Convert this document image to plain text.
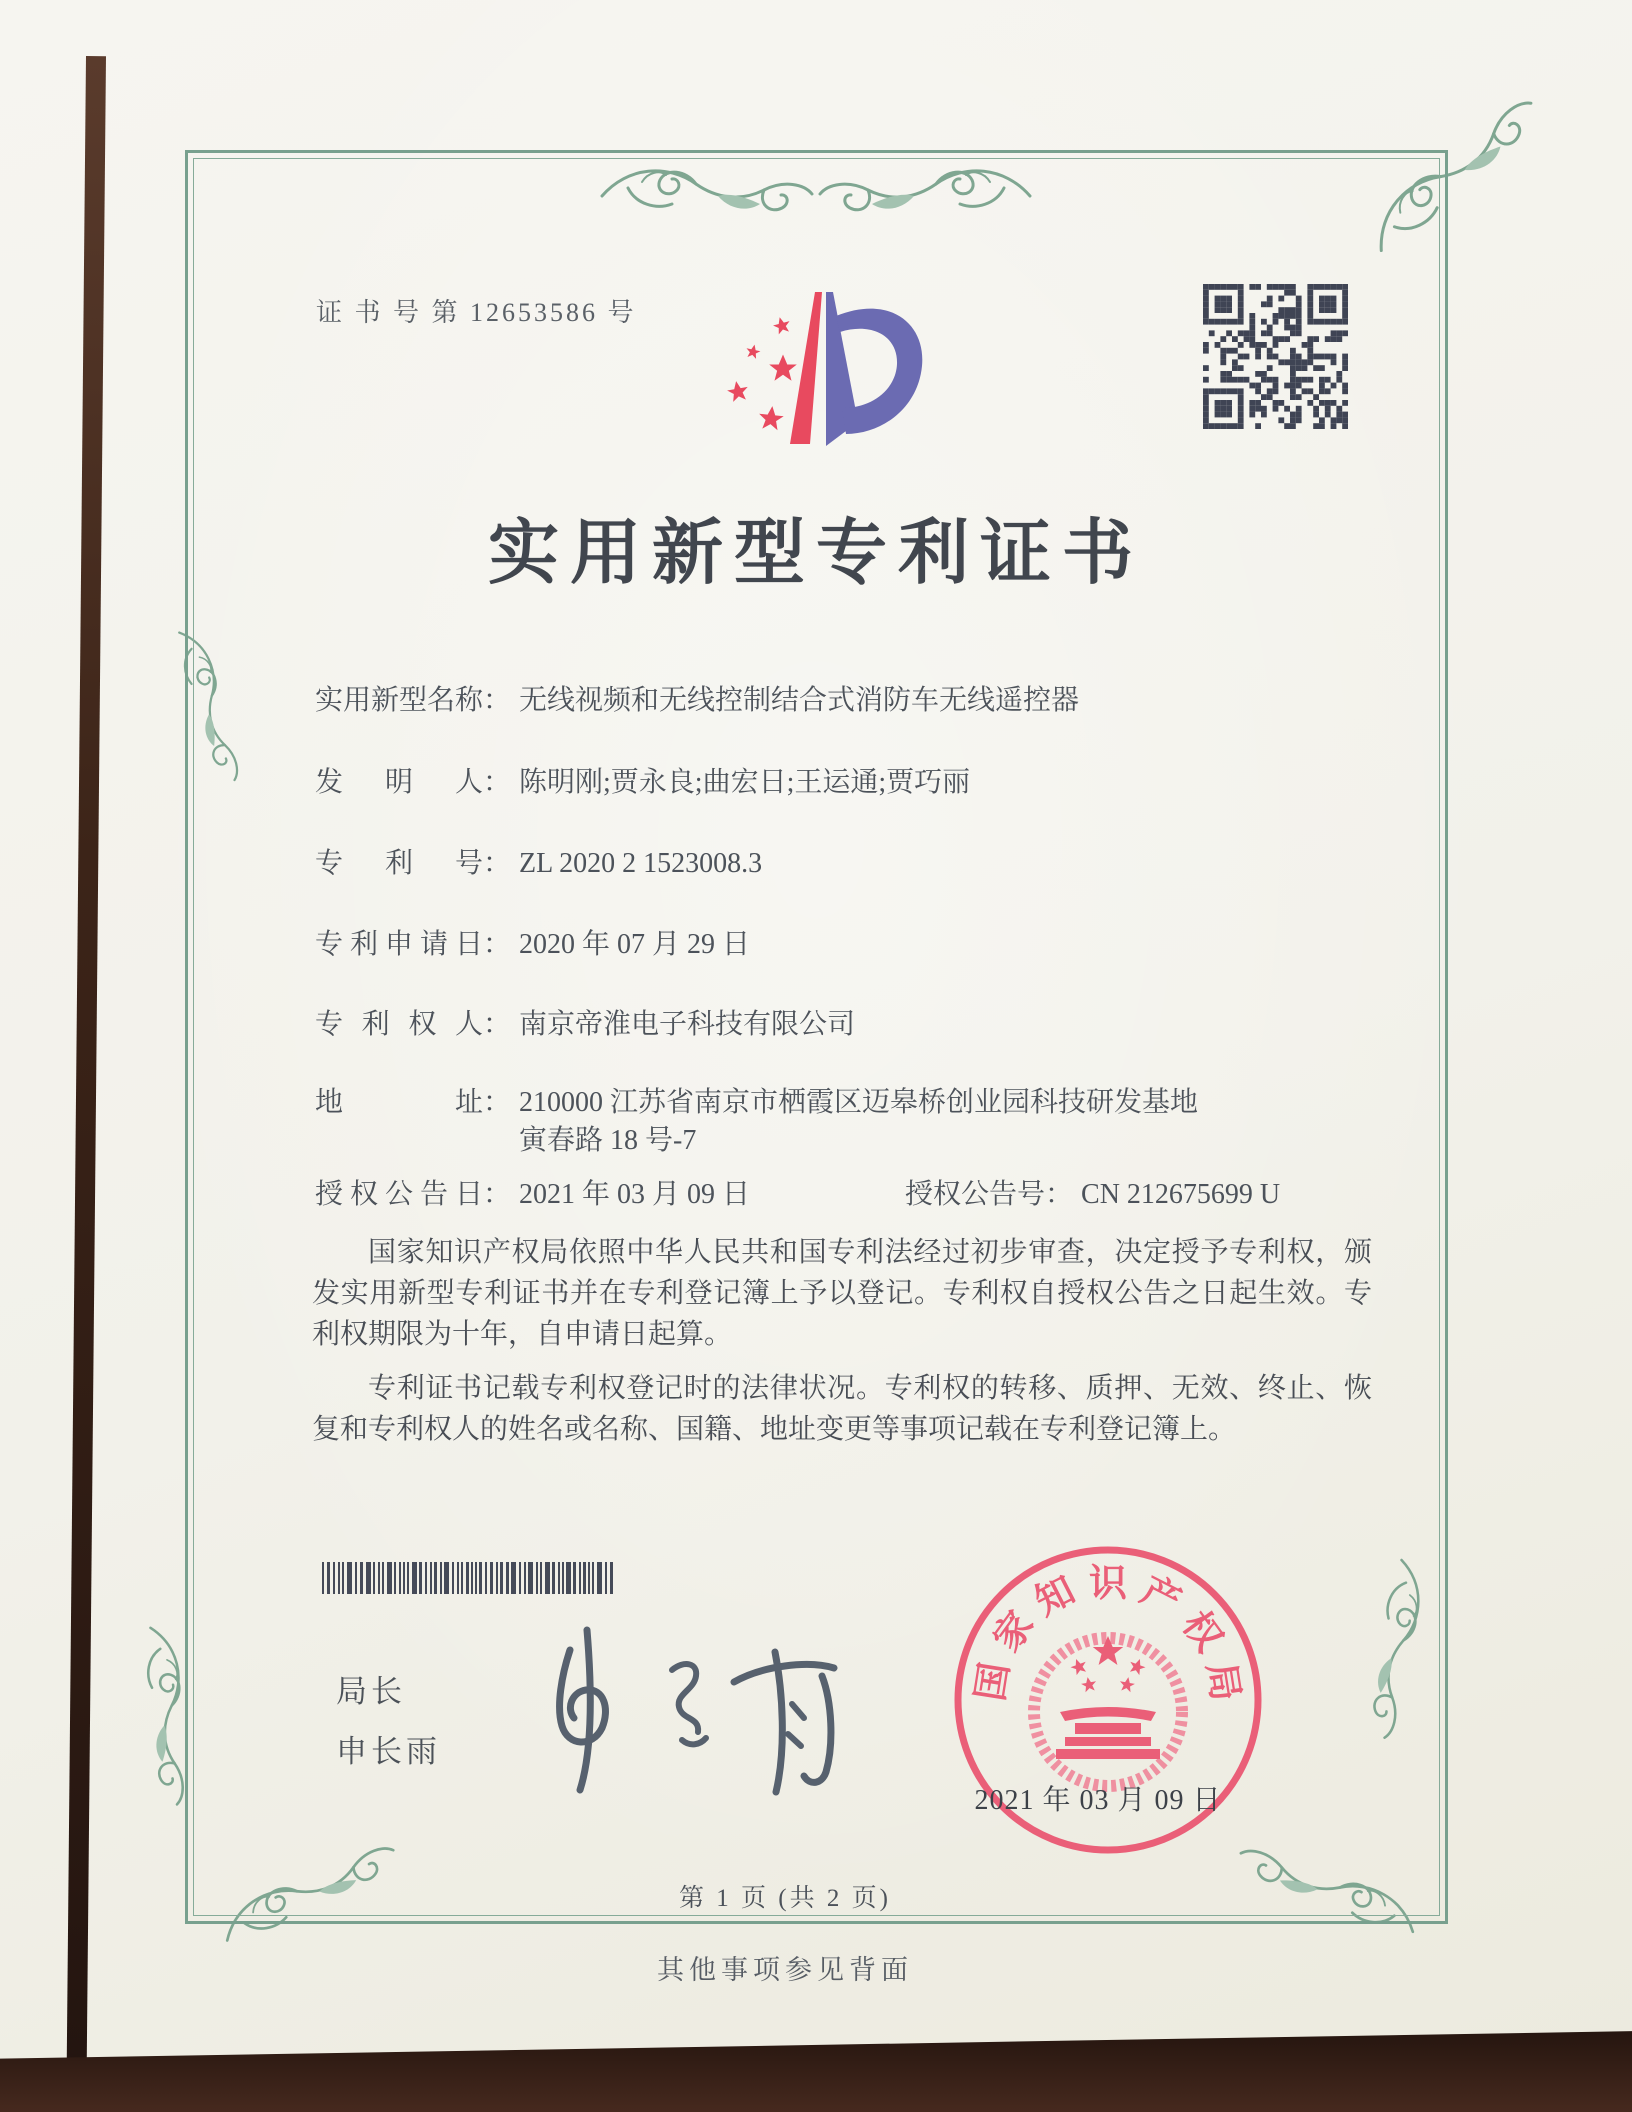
证 书 号 第 12653586 号
实用新型专利证书
实用新型名称： 无线视频和无线控制结合式消防车无线遥控器
发明人： 陈明刚;贾永良;曲宏日;王运通;贾巧丽
专利号： ZL 2020 2 1523008.3
专利申请日： 2020 年 07 月 29 日
专利权人： 南京帝淮电子科技有限公司
地址： 210000 江苏省南京市栖霞区迈皋桥创业园科技研发基地
寅春路 18 号-7
授权公告日： 2021 年 03 月 09 日	授权公告号： CN 212675699 U

国家知识产权局依照中华人民共和国专利法经过初步审查，决定授予专利权，颁发实用新型专利证书并在专利登记簿上予以登记。专利权自授权公告之日起生效。专利权期限为十年，自申请日起算。

专利证书记载专利权登记时的法律状况。专利权的转移、质押、无效、终止、恢复和专利权人的姓名或名称、国籍、地址变更等事项记载在专利登记簿上。

局长
申长雨
国
家
知 识 产
权
局
2021 年 03 月 09 日
第 1 页 (共 2 页)
其他事项参见背面
